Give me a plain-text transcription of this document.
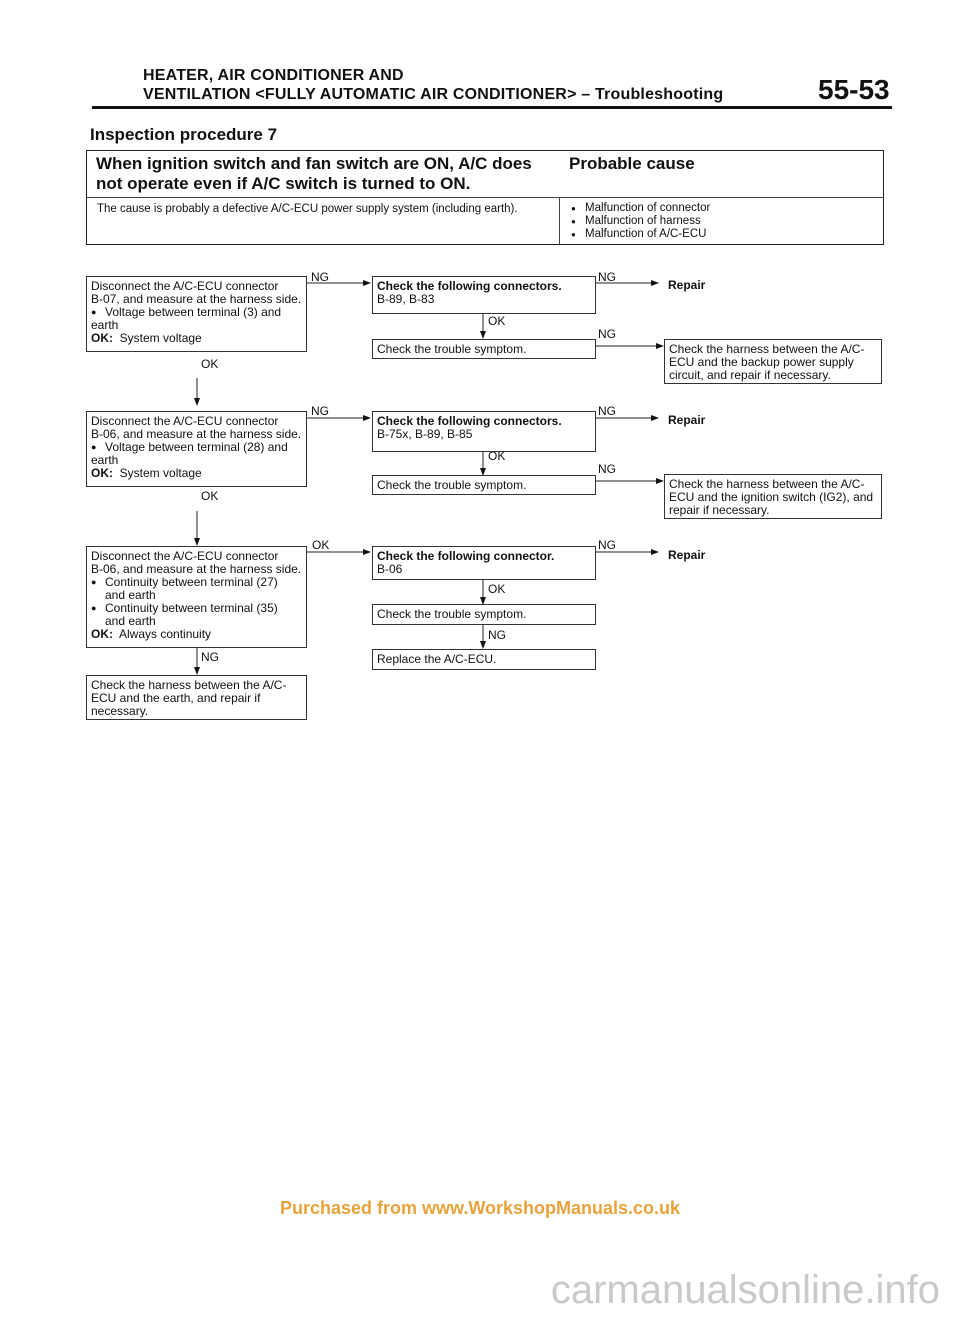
HEATER, AIR CONDITIONER AND
VENTILATION <FULLY AUTOMATIC AIR CONDITIONER> – Troubleshooting	55-53
Inspection procedure 7
When ignition switch and fan switch are ON, A/C does not operate even if A/C switch is turned to ON.
Probable cause
The cause is probably a defective A/C-ECU power supply system (including earth).
●	Malfunction of connector
● Malfunction of harness
● Malfunction of A/C-ECU

Disconnect the A/C-ECU connector

B-07, and measure at the harness side.

● Voltage between terminal (3) and

earth

OK: System voltage

NG
OK

Check the following connectors.

B-89, B-83

NG
Repair
OK

Check the trouble symptom.

NG

Check the harness between the A/C-ECU and the backup power supply circuit, and repair if necessary.

Disconnect the A/C-ECU connector

B-06, and measure at the harness side.

● Voltage between terminal (28) and

earth

OK: System voltage

NG
OK

Check the following connectors.

B-75x, B-89, B-85

NG
Repair
OK

Check the trouble symptom.

NG

Check the harness between the A/C-ECU and the ignition switch (IG2), and repair if necessary.

Disconnect the A/C-ECU connector

B-06, and measure at the harness side.

● Continuity between terminal (27)

and earth

● Continuity between terminal (35)

and earth

OK: Always continuity

OK
NG

Check the following connector.

B-06

NG
Repair
OK

Check the trouble symptom.

NG

Replace the A/C-ECU.

Check the harness between the A/C-ECU and the earth, and repair if necessary.

Purchased from www.WorkshopManuals.co.uk
carmanualsonline.info
